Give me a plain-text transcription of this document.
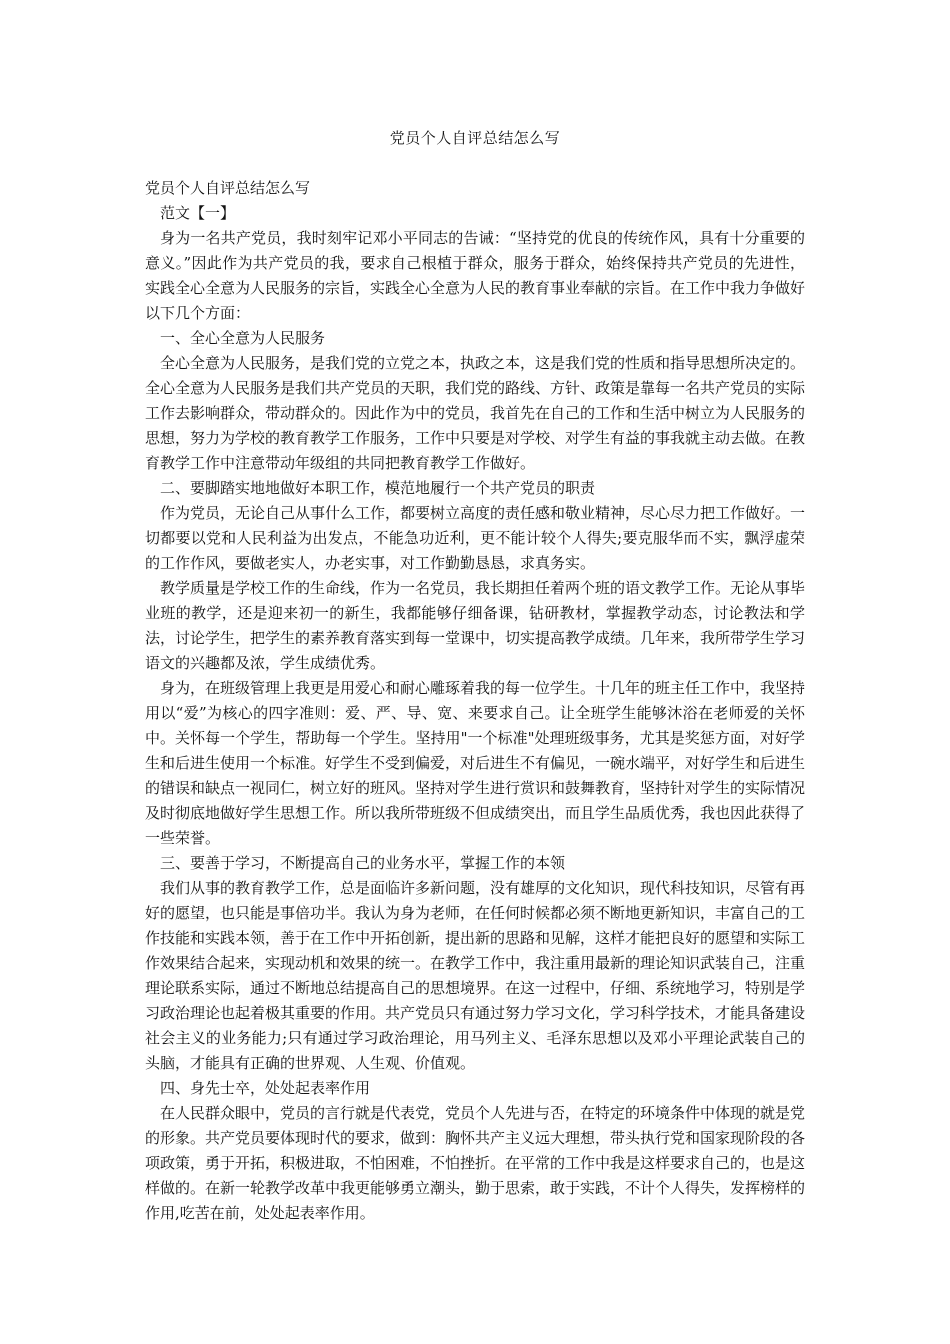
党员个人自评总结怎么写

党员个人自评总结怎么写

范文【一】

身为一名共产党员，我时刻牢记邓小平同志的告诫：“坚持党的优良的传统作风，具有十分重要的意义。”因此作为共产党员的我，要求自己根植于群众，服务于群众，始终保持共产党员的先进性，实践全心全意为人民服务的宗旨，实践全心全意为人民的教育事业奉献的宗旨。在工作中我力争做好以下几个方面：

一、全心全意为人民服务

全心全意为人民服务，是我们党的立党之本，执政之本，这是我们党的性质和指导思想所决定的。全心全意为人民服务是我们共产党员的天职，我们党的路线、方针、政策是靠每一名共产党员的实际工作去影响群众，带动群众的。因此作为中的党员，我首先在自己的工作和生活中树立为人民服务的思想，努力为学校的教育教学工作服务，工作中只要是对学校、对学生有益的事我就主动去做。在教育教学工作中注意带动年级组的共同把教育教学工作做好。

二、要脚踏实地地做好本职工作，模范地履行一个共产党员的职责

作为党员，无论自己从事什么工作，都要树立高度的责任感和敬业精神，尽心尽力把工作做好。一切都要以党和人民利益为出发点，不能急功近利，更不能计较个人得失;要克服华而不实，飘浮虚荣的工作作风，要做老实人，办老实事，对工作勤勤恳恳，求真务实。

教学质量是学校工作的生命线，作为一名党员，我长期担任着两个班的语文教学工作。无论从事毕业班的教学，还是迎来初一的新生，我都能够仔细备课，钻研教材，掌握教学动态，讨论教法和学法，讨论学生，把学生的素养教育落实到每一堂课中，切实提高教学成绩。几年来，我所带学生学习语文的兴趣都及浓，学生成绩优秀。

身为，在班级管理上我更是用爱心和耐心雕琢着我的每一位学生。十几年的班主任工作中，我坚持用以“爱”为核心的四字准则：爱、严、导、宽、来要求自己。让全班学生能够沐浴在老师爱的关怀中。关怀每一个学生，帮助每一个学生。坚持用"一个标准"处理班级事务，尤其是奖惩方面，对好学生和后进生使用一个标准。好学生不受到偏爱，对后进生不有偏见，一碗水端平，对好学生和后进生的错误和缺点一视同仁，树立好的班风。坚持对学生进行赏识和鼓舞教育，坚持针对学生的实际情况及时彻底地做好学生思想工作。所以我所带班级不但成绩突出，而且学生品质优秀，我也因此获得了一些荣誉。

三、要善于学习，不断提高自己的业务水平，掌握工作的本领

我们从事的教育教学工作，总是面临许多新问题，没有雄厚的文化知识，现代科技知识，尽管有再好的愿望，也只能是事倍功半。我认为身为老师，在任何时候都必须不断地更新知识，丰富自己的工作技能和实践本领，善于在工作中开拓创新，提出新的思路和见解，这样才能把良好的愿望和实际工作效果结合起来，实现动机和效果的统一。在教学工作中，我注重用最新的理论知识武装自己，注重理论联系实际，通过不断地总结提高自己的思想境界。在这一过程中，仔细、系统地学习，特别是学习政治理论也起着极其重要的作用。共产党员只有通过努力学习文化，学习科学技术，才能具备建设社会主义的业务能力;只有通过学习政治理论，用马列主义、毛泽东思想以及邓小平理论武装自己的头脑，才能具有正确的世界观、人生观、价值观。

四、身先士卒，处处起表率作用

在人民群众眼中，党员的言行就是代表党，党员个人先进与否，在特定的环境条件中体现的就是党的形象。共产党员要体现时代的要求，做到：胸怀共产主义远大理想，带头执行党和国家现阶段的各项政策，勇于开拓，积极进取，不怕困难，不怕挫折。在平常的工作中我是这样要求自己的，也是这样做的。在新一轮教学改革中我更能够勇立潮头，勤于思索，敢于实践，不计个人得失，发挥榜样的作用,吃苦在前，处处起表率作用。
